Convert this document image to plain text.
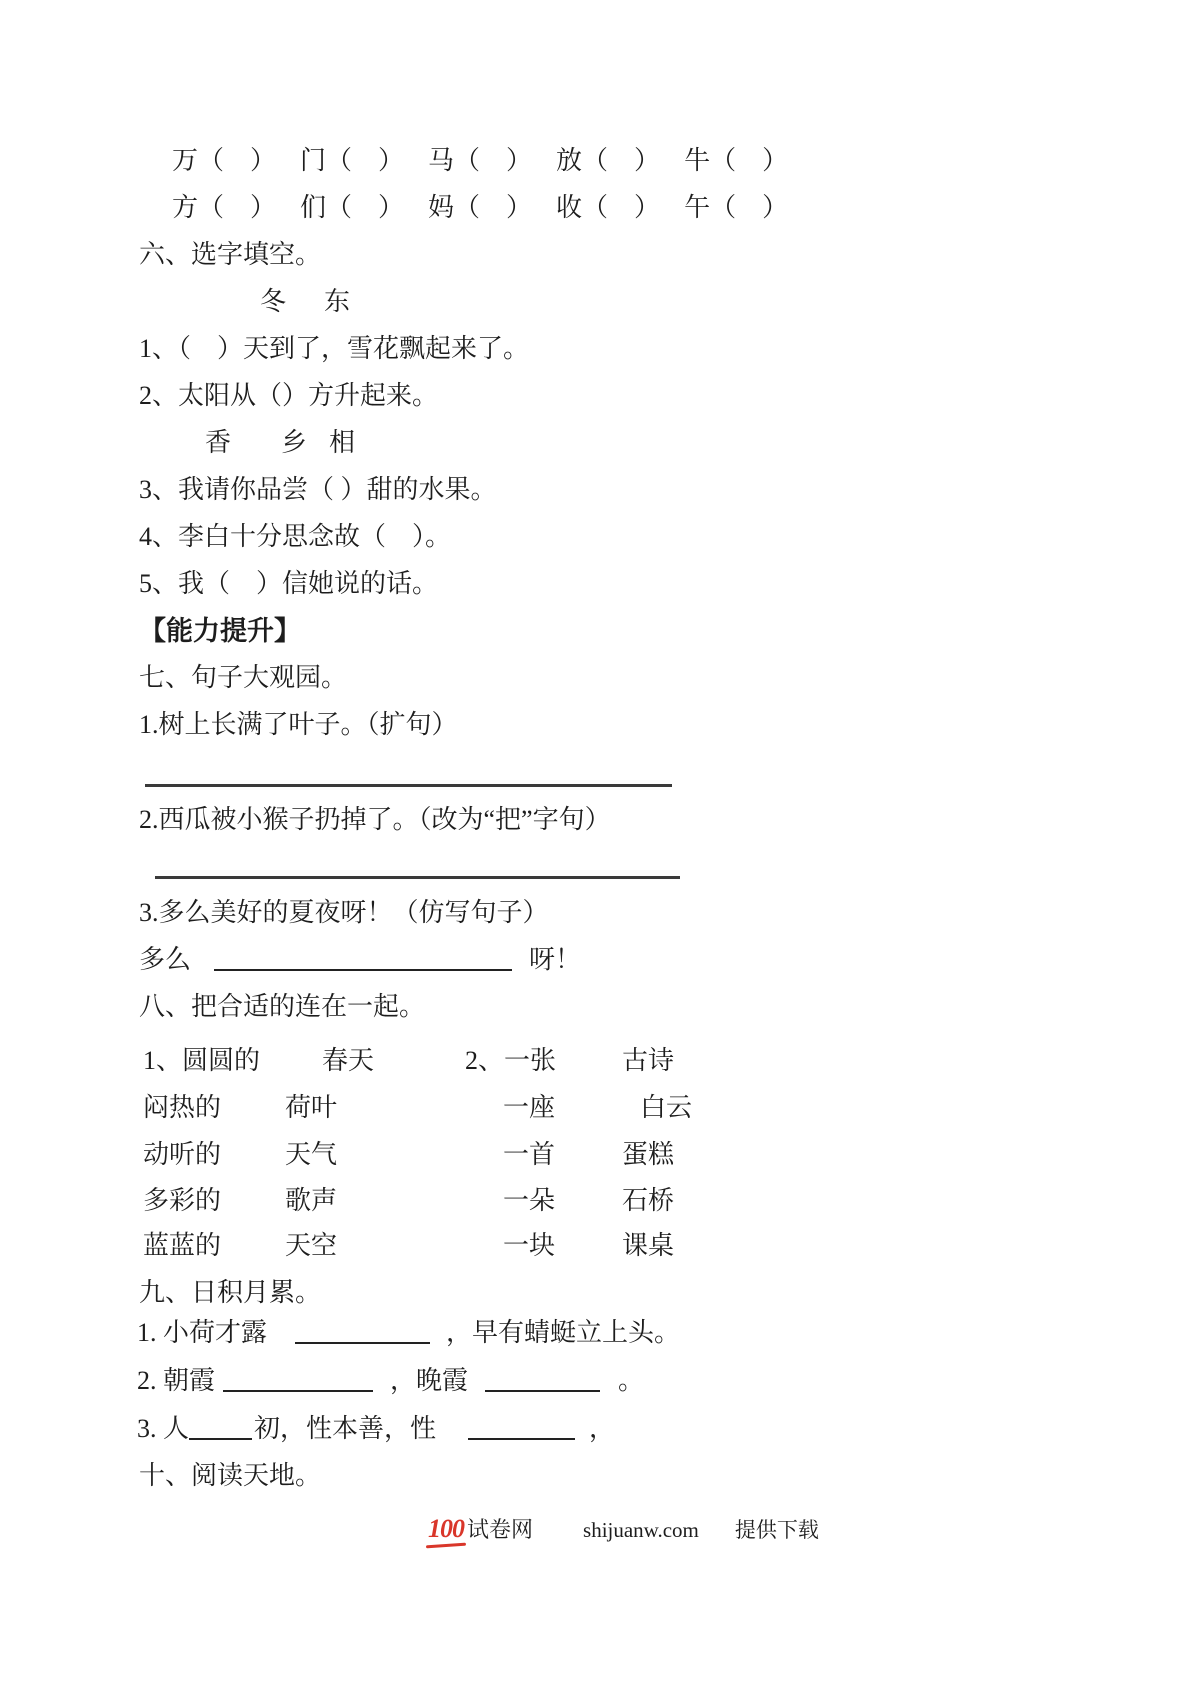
万（　） 门（　） 马（　） 放（　） 牛（　）
方（　） 们（　） 妈（　） 收（　） 午（　）
六、选字填空。
冬 东
1、（　）天到了，雪花飘起来了。
2、太阳从（）方升起来。
香 乡 相
3、我请你品尝（ ）甜的水果。
4、李白十分思念故（　）。
5、我（　）信她说的话。
【能力提升】
七、句子大观园。
1.树上长满了叶子。（扩句）
2.西瓜被小猴子扔掉了。（改为“把”字句）
3.多么美好的夏夜呀！（仿写句子）
多么	呀！
八、把合适的连在一起。
1、圆圆的	春天	2、一张	古诗
闷热的	荷叶	一座	白云
动听的	天气	一首	蛋糕
多彩的	歌声	一朵	石桥
蓝蓝的	天空	一块	课桌
九、日积月累。
1. 小荷才露	，早有蜻蜓立上头。
2. 朝霞	，晚霞	。
3. 人	初，性本善，性	，
十、阅读天地。
100 试卷网 shijuanw.com 提供下载
